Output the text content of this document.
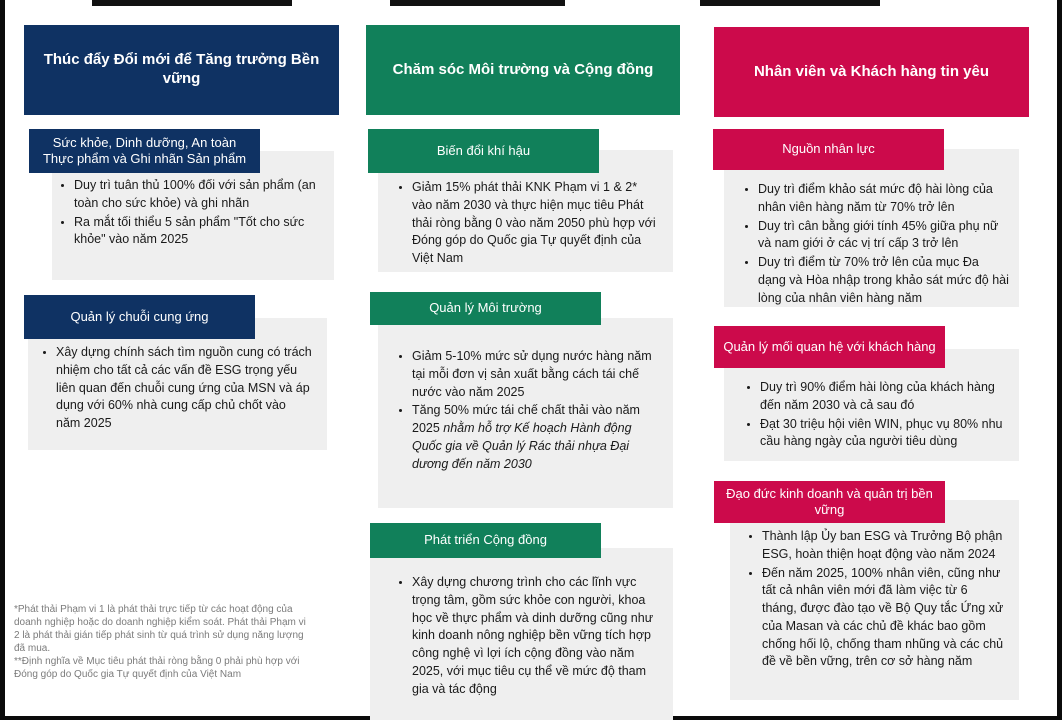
Thúc đẩy Đổi mới để Tăng trưởng Bền vững
• Duy trì tuân thủ 100% đối với sản phẩm (an toàn cho sức khỏe) và ghi nhãn
• Ra mắt tối thiểu 5 sản phẩm "Tốt cho sức khỏe" vào năm 2025
Sức khỏe, Dinh dưỡng, An toàn Thực phẩm và Ghi nhãn Sản phẩm
• Xây dựng chính sách tìm nguồn cung có trách nhiệm cho tất cả các vấn đề ESG trọng yếu liên quan đến chuỗi cung ứng của MSN và áp dụng với 60% nhà cung cấp chủ chốt vào năm 2025
Quản lý chuỗi cung ứng

*Phát thải Phạm vi 1 là phát thải trực tiếp từ các hoạt động của doanh nghiệp hoặc do doanh nghiệp kiểm soát. Phát thải Phạm vi 2 là phát thải gián tiếp phát sinh từ quá trình sử dụng năng lượng đã mua.

**Định nghĩa về Mục tiêu phát thải ròng bằng 0 phải phù hợp với Đóng góp do Quốc gia Tự quyết định của Việt Nam

Chăm sóc Môi trường và Cộng đồng
• Giảm 15% phát thải KNK Phạm vi 1 & 2* vào năm 2030 và thực hiện mục tiêu Phát thải ròng bằng 0 vào năm 2050 phù hợp với Đóng góp do Quốc gia Tự quyết định của Việt Nam
Biến đổi khí hậu
• Giảm 5-10% mức sử dụng nước hàng năm tại mỗi đơn vị sản xuất bằng cách tái chế nước vào năm 2025
• Tăng 50% mức tái chế chất thải vào năm 2025 nhằm hỗ trợ Kế hoạch Hành động Quốc gia về Quản lý Rác thải nhựa Đại dương đến năm 2030
Quản lý Môi trường
• Xây dựng chương trình cho các lĩnh vực trọng tâm, gồm sức khỏe con người, khoa học về thực phẩm và dinh dưỡng cũng như kinh doanh nông nghiệp bền vững tích hợp công nghệ vì lợi ích cộng đồng vào năm 2025, với mục tiêu cụ thể về mức độ tham gia và tác động
Phát triển Cộng đồng
Nhân viên và Khách hàng tin yêu
• Duy trì điểm khảo sát mức độ hài lòng của nhân viên hàng năm từ 70% trở lên
• Duy trì cân bằng giới tính 45% giữa phụ nữ và nam giới ở các vị trí cấp 3 trở lên
• Duy trì điểm từ 70% trở lên của mục Đa dạng và Hòa nhập trong khảo sát mức độ hài lòng của nhân viên hàng năm
Nguồn nhân lực
• Duy trì 90% điểm hài lòng của khách hàng đến năm 2030 và cả sau đó
• Đạt 30 triệu hội viên WIN, phục vụ 80% nhu cầu hàng ngày của người tiêu dùng
Quản lý mối quan hệ với khách hàng
• Thành lập Ủy ban ESG và Trưởng Bộ phận ESG, hoàn thiện hoạt động vào năm 2024
• Đến năm 2025, 100% nhân viên, cũng như tất cả nhân viên mới đã làm việc từ 6 tháng, được đào tạo về Bộ Quy tắc Ứng xử của Masan và các chủ đề khác bao gồm chống hối lộ, chống tham nhũng và các chủ đề về bền vững, trên cơ sở hàng năm
Đạo đức kinh doanh và quản trị bền vững
